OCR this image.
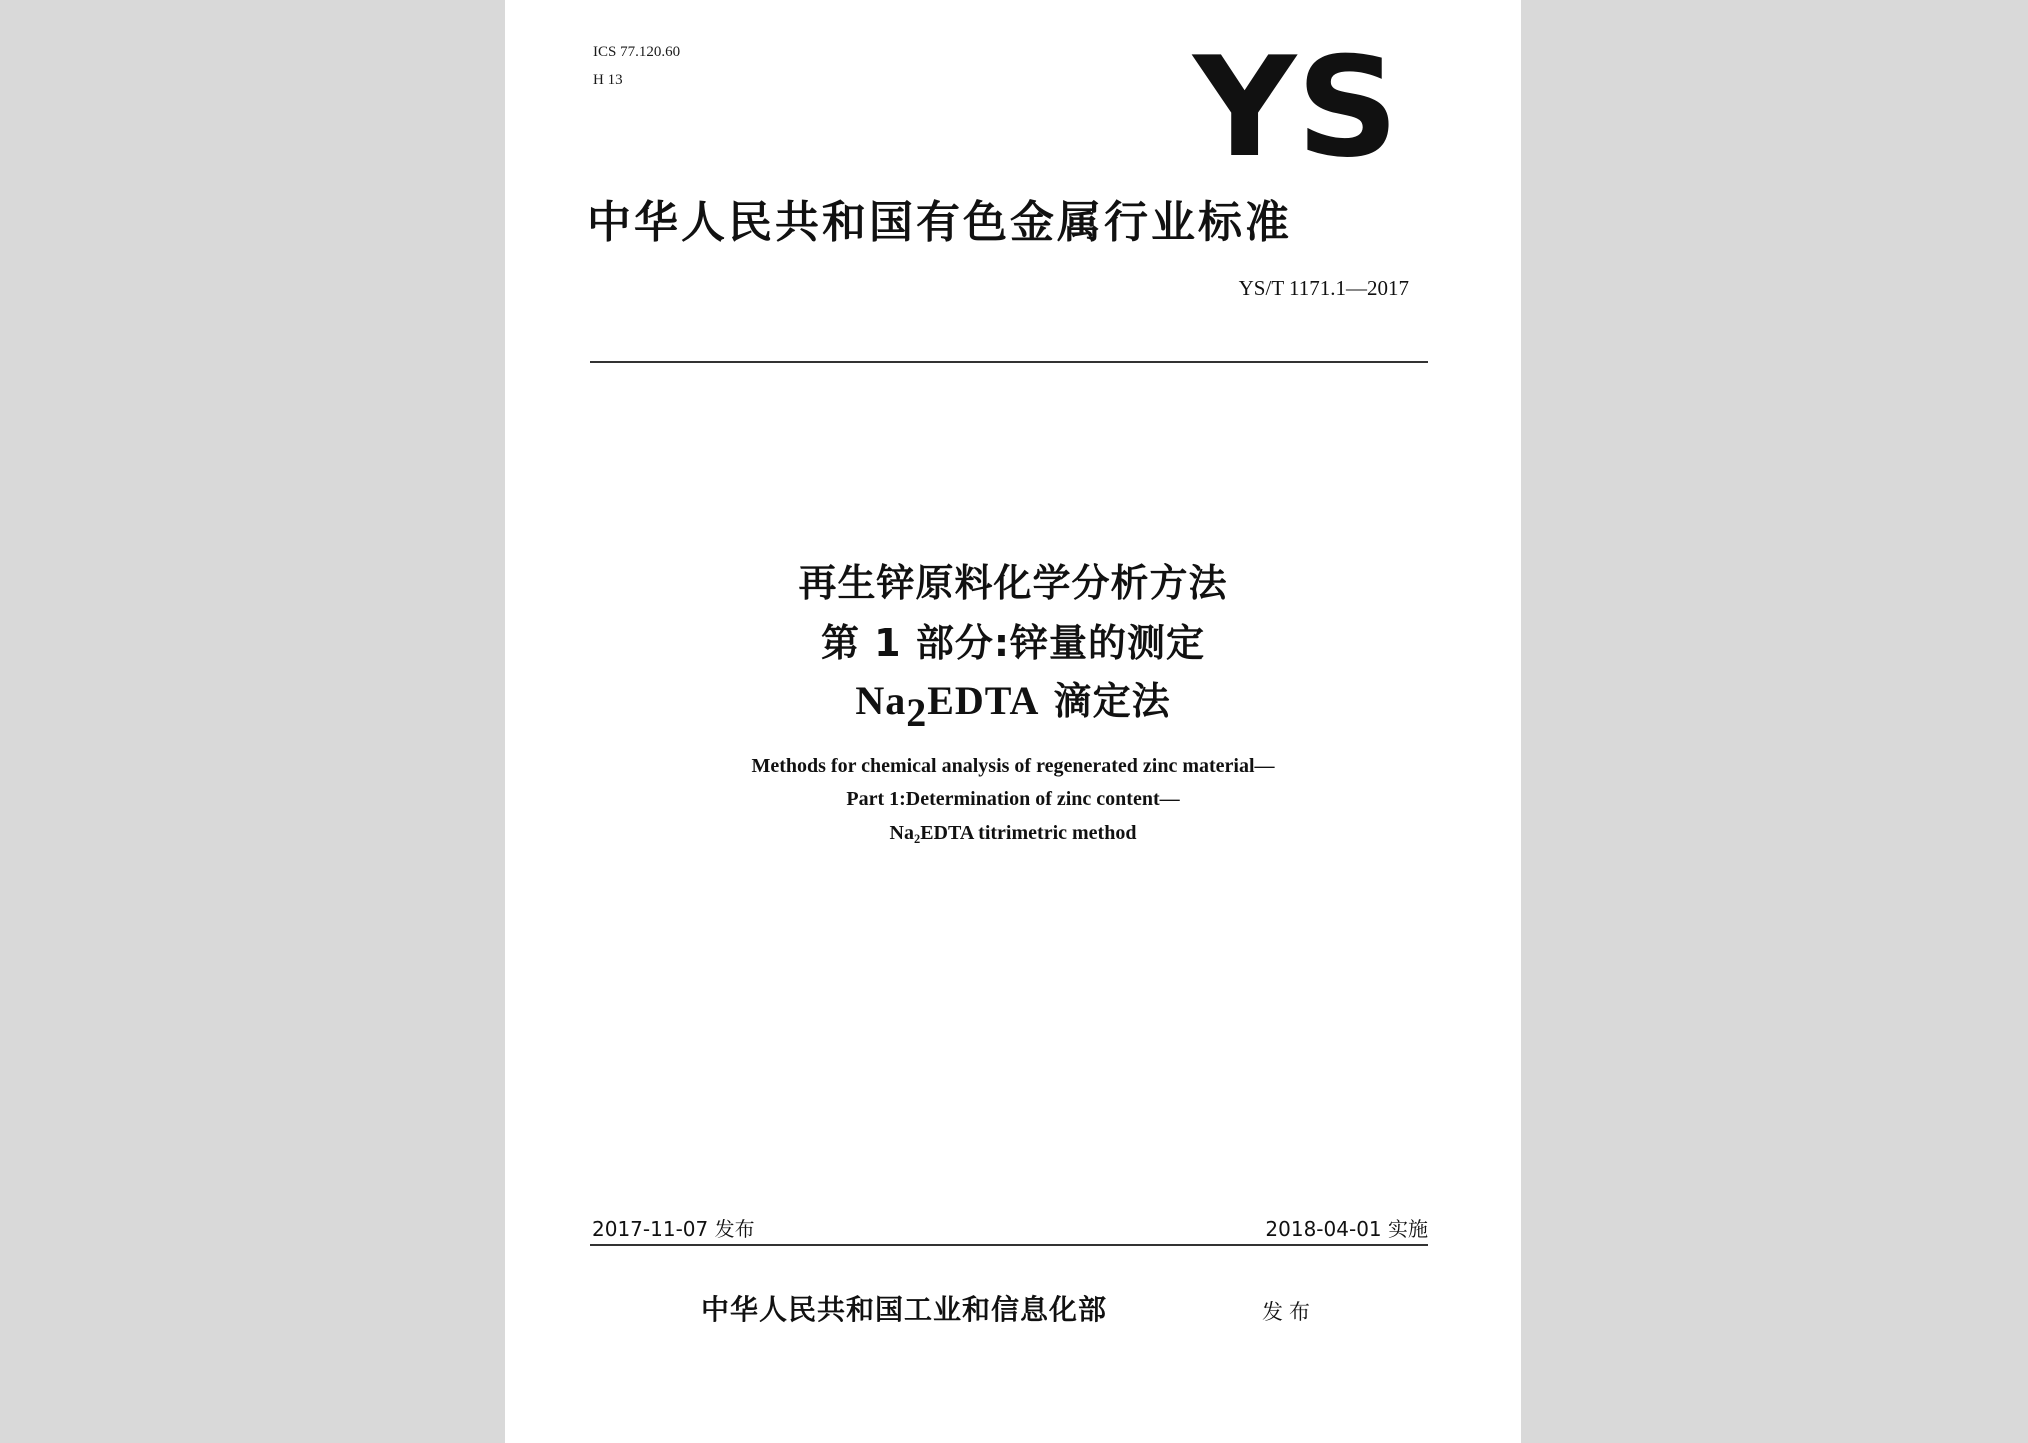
ICS 77.120.60
H 13	YS
中华人民共和国有色金属行业标准
YS/T 1171.1—2017
再生锌原料化学分析方法
第 1 部分:锌量的测定
$Na_2EDTA$ 滴定法
Methods for chemical analysis of regenerated zinc material—
Part 1:Determination of zinc content—
$Na_2EDTA$ titrimetric method
2017-11-07 发布	2018-04-01 实施
中华人民共和国工业和信息化部	发布
